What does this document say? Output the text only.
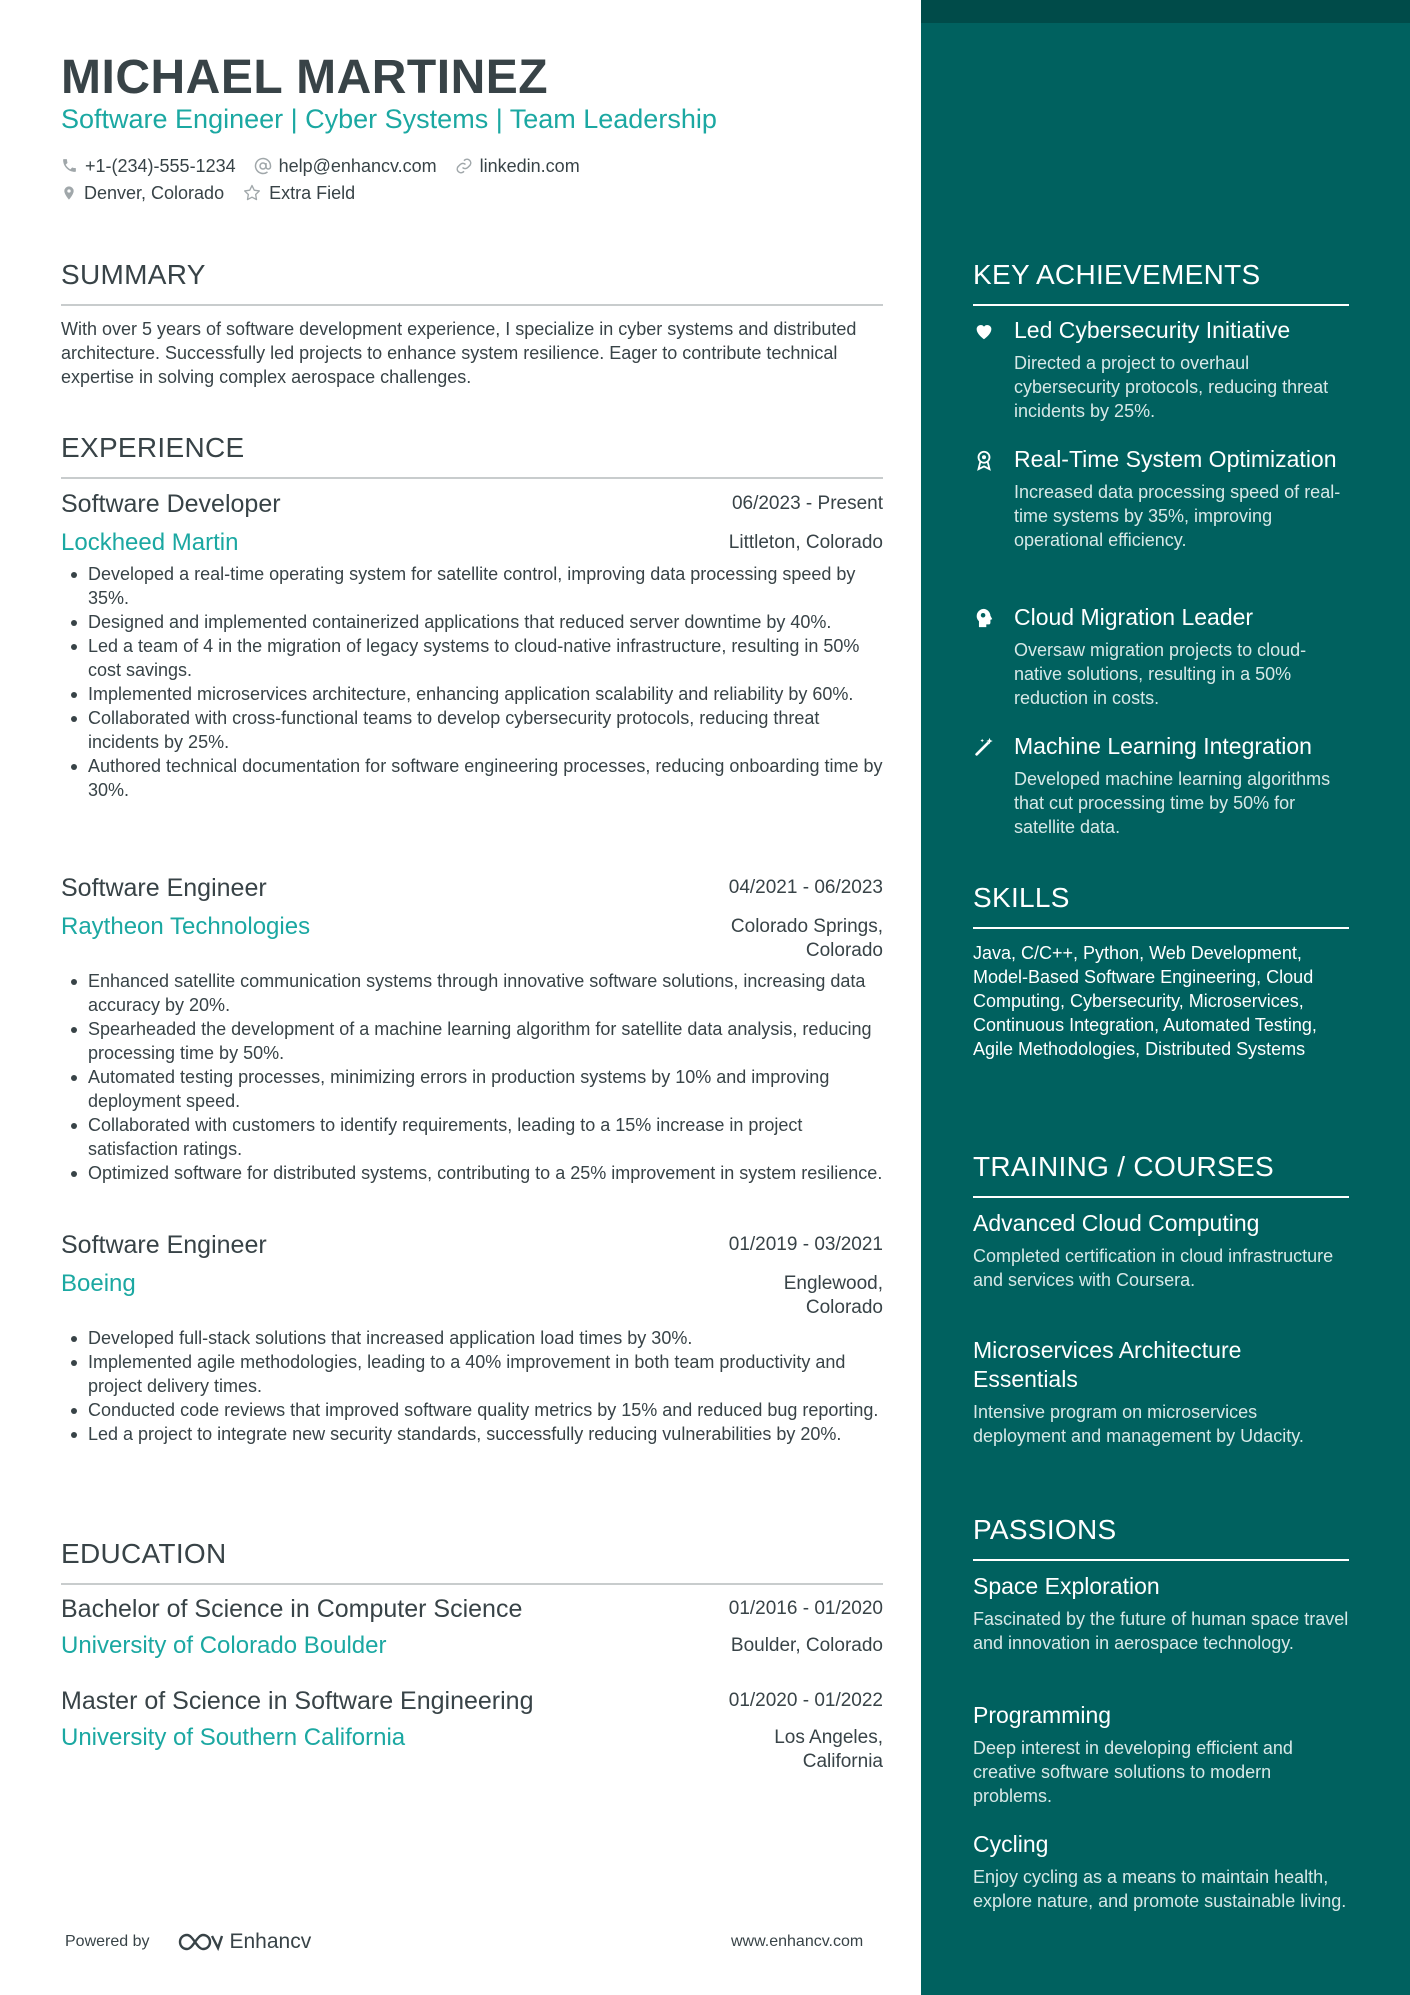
MICHAEL MARTINEZ
Software Engineer | Cyber Systems | Team Leadership
+1-(234)-555-1234 help@enhancv.com linkedin.com
Denver, Colorado	Extra Field
SUMMARY
With over 5 years of software development experience, I specialize in cyber systems and distributed architecture. Successfully led projects to enhance system resilience. Eager to contribute technical expertise in solving complex aerospace challenges.
EXPERIENCE
Software Developer	06/2023 - Present
Lockheed Martin	Littleton, Colorado
Developed a real-time operating system for satellite control, improving data processing speed by 35%.
Designed and implemented containerized applications that reduced server downtime by 40%.
Led a team of 4 in the migration of legacy systems to cloud-native infrastructure, resulting in 50% cost savings.
Implemented microservices architecture, enhancing application scalability and reliability by 60%.
Collaborated with cross-functional teams to develop cybersecurity protocols, reducing threat incidents by 25%.
Authored technical documentation for software engineering processes, reducing onboarding time by 30%.
Software Engineer	04/2021 - 06/2023
Raytheon Technologies	Colorado Springs,
Colorado
Enhanced satellite communication systems through innovative software solutions, increasing data accuracy by 20%.
Spearheaded the development of a machine learning algorithm for satellite data analysis, reducing processing time by 50%.
Automated testing processes, minimizing errors in production systems by 10% and improving deployment speed.
Collaborated with customers to identify requirements, leading to a 15% increase in project satisfaction ratings.
Optimized software for distributed systems, contributing to a 25% improvement in system resilience.
Software Engineer	01/2019 - 03/2021
Boeing	Englewood,
Colorado
Developed full-stack solutions that increased application load times by 30%.
Implemented agile methodologies, leading to a 40% improvement in both team productivity and project delivery times.
Conducted code reviews that improved software quality metrics by 15% and reduced bug reporting.
Led a project to integrate new security standards, successfully reducing vulnerabilities by 20%.
EDUCATION
Bachelor of Science in Computer Science	01/2016 - 01/2020
University of Colorado Boulder	Boulder, Colorado
Master of Science in Software Engineering	01/2020 - 01/2022
University of Southern California	Los Angeles,
California
Powered by	Enhancv	www.enhancv.com
KEY ACHIEVEMENTS
Led Cybersecurity Initiative
Directed a project to overhaul cybersecurity protocols, reducing threat incidents by 25%.
Real-Time System Optimization
Increased data processing speed of real-time systems by 35%, improving operational efficiency.
Cloud Migration Leader
Oversaw migration projects to cloud-native solutions, resulting in a 50% reduction in costs.
Machine Learning Integration
Developed machine learning algorithms that cut processing time by 50% for satellite data.
SKILLS
Java, C/C++, Python, Web Development, Model-Based Software Engineering, Cloud Computing, Cybersecurity, Microservices, Continuous Integration, Automated Testing, Agile Methodologies, Distributed Systems
TRAINING / COURSES
Advanced Cloud Computing
Completed certification in cloud infrastructure and services with Coursera.
Microservices Architecture Essentials
Intensive program on microservices deployment and management by Udacity.
PASSIONS
Space Exploration
Fascinated by the future of human space travel and innovation in aerospace technology.
Programming
Deep interest in developing efficient and creative software solutions to modern problems.
Cycling
Enjoy cycling as a means to maintain health, explore nature, and promote sustainable living.
